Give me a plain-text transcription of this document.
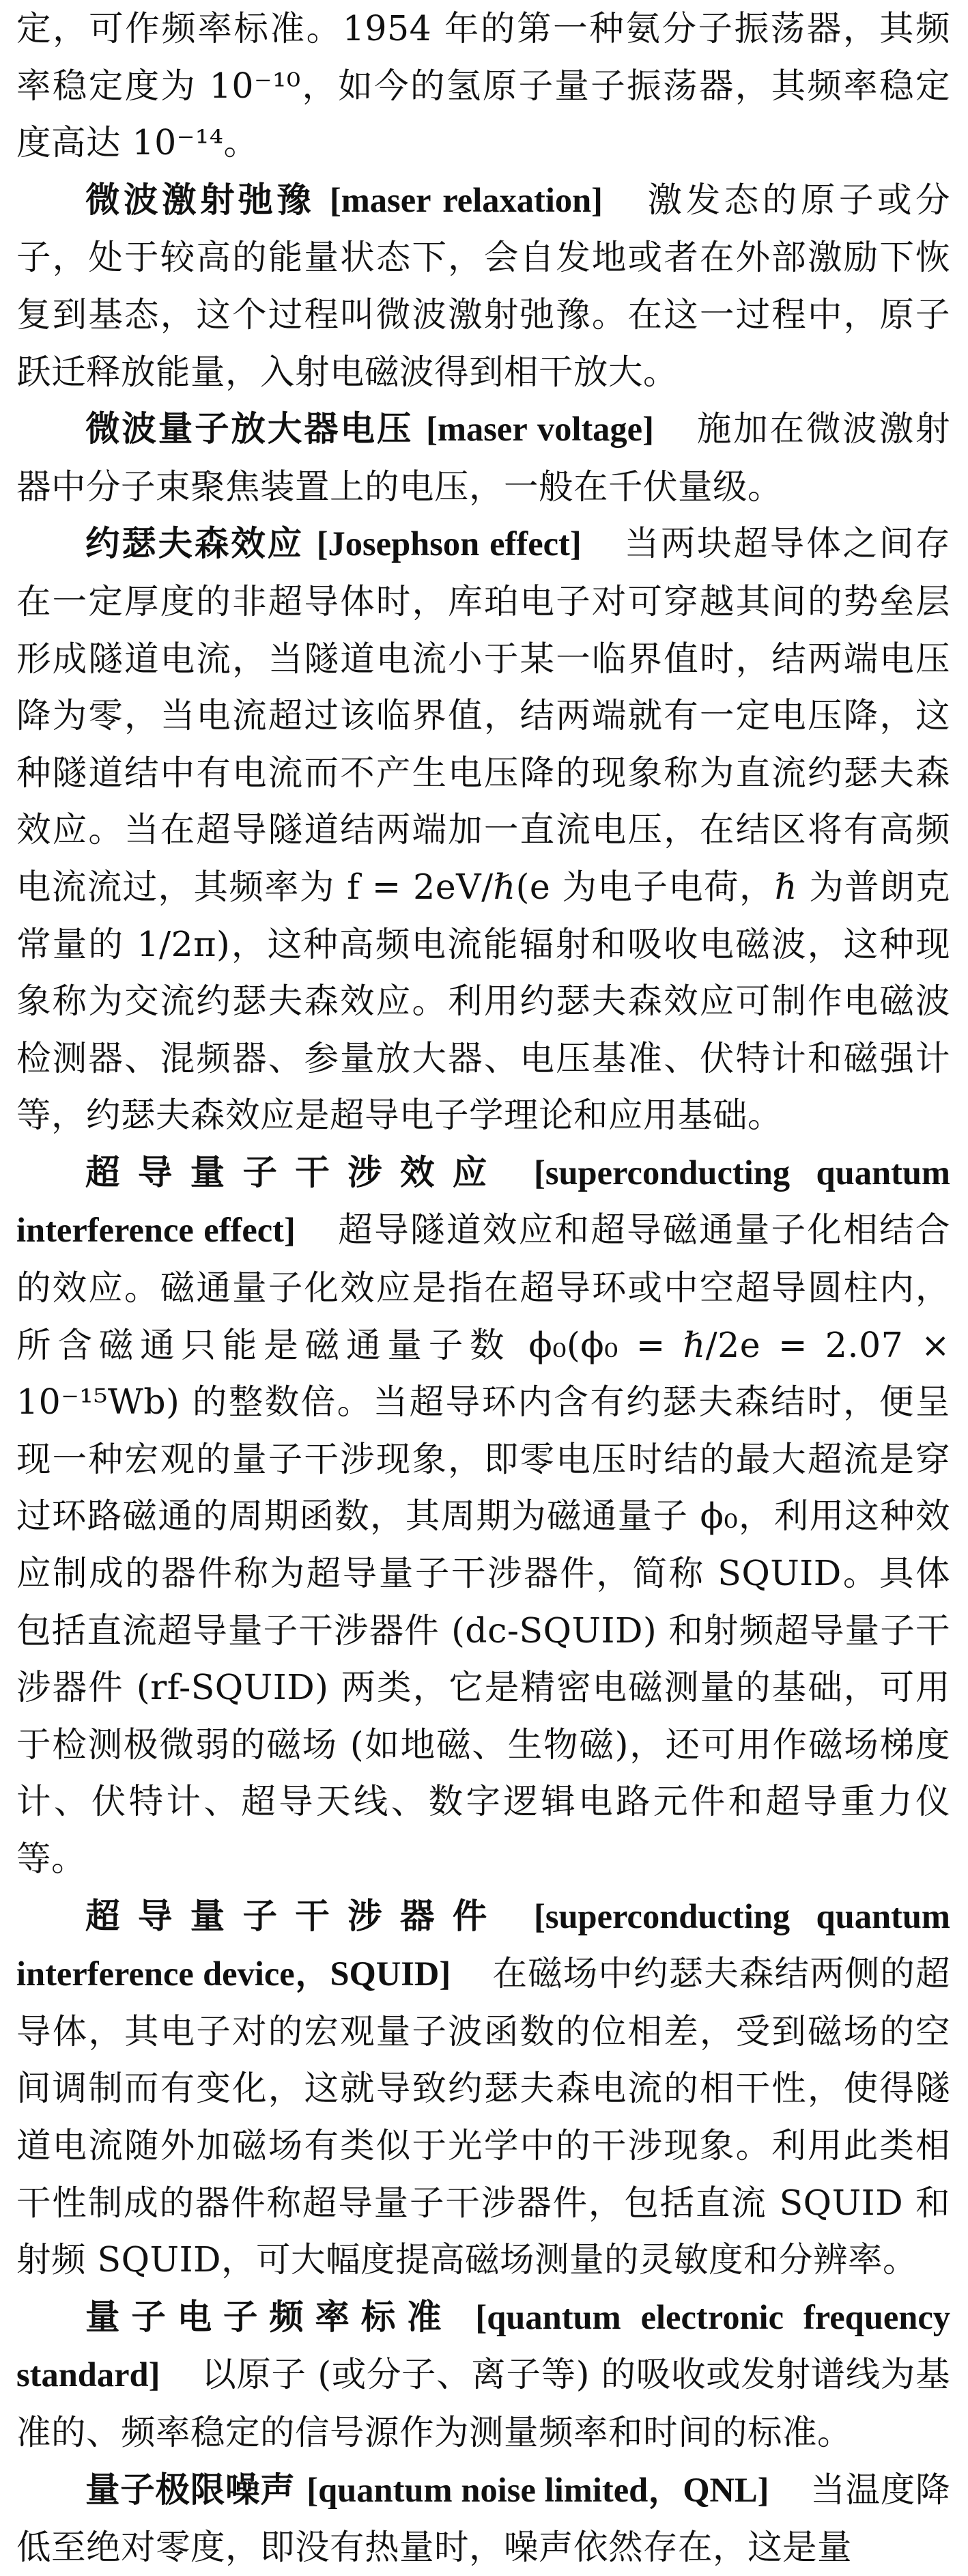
定，可作频率标准。1954 年的第一种氨分子振荡器，其频率稳定度为 10⁻¹⁰，如今的氢原子量子振荡器，其频率稳定度高达 10⁻¹⁴。

微波激射弛豫 [maser relaxation] 激发态的原子或分子，处于较高的能量状态下，会自发地或者在外部激励下恢复到基态，这个过程叫微波激射弛豫。在这一过程中，原子跃迁释放能量，入射电磁波得到相干放大。

微波量子放大器电压 [maser voltage] 施加在微波激射器中分子束聚焦装置上的电压，一般在千伏量级。

约瑟夫森效应 [Josephson effect] 当两块超导体之间存在一定厚度的非超导体时，库珀电子对可穿越其间的势垒层形成隧道电流，当隧道电流小于某一临界值时，结两端电压降为零，当电流超过该临界值，结两端就有一定电压降，这种隧道结中有电流而不产生电压降的现象称为直流约瑟夫森效应。当在超导隧道结两端加一直流电压，在结区将有高频电流流过，其频率为 f = 2eV/ℏ(e 为电子电荷，ℏ 为普朗克常量的 1/2π)，这种高频电流能辐射和吸收电磁波，这种现象称为交流约瑟夫森效应。利用约瑟夫森效应可制作电磁波检测器、混频器、参量放大器、电压基准、伏特计和磁强计等，约瑟夫森效应是超导电子学理论和应用基础。

超导量子干涉效应 [superconducting quantum interference effect] 超导隧道效应和超导磁通量子化相结合的效应。磁通量子化效应是指在超导环或中空超导圆柱内，所含磁通只能是磁通量子数 ϕ₀(ϕ₀ = ℏ/2e = 2.07 × 10⁻¹⁵Wb) 的整数倍。当超导环内含有约瑟夫森结时，便呈现一种宏观的量子干涉现象，即零电压时结的最大超流是穿过环路磁通的周期函数，其周期为磁通量子 ϕ₀，利用这种效应制成的器件称为超导量子干涉器件，简称 SQUID。具体包括直流超导量子干涉器件 (dc-SQUID) 和射频超导量子干涉器件 (rf-SQUID) 两类，它是精密电磁测量的基础，可用于检测极微弱的磁场 (如地磁、生物磁)，还可用作磁场梯度计、伏特计、超导天线、数字逻辑电路元件和超导重力仪等。

超导量子干涉器件 [superconducting quantum interference device，SQUID] 在磁场中约瑟夫森结两侧的超导体，其电子对的宏观量子波函数的位相差，受到磁场的空间调制而有变化，这就导致约瑟夫森电流的相干性，使得隧道电流随外加磁场有类似于光学中的干涉现象。利用此类相干性制成的器件称超导量子干涉器件，包括直流 SQUID 和射频 SQUID，可大幅度提高磁场测量的灵敏度和分辨率。

量子电子频率标准 [quantum electronic frequency standard] 以原子 (或分子、离子等) 的吸收或发射谱线为基准的、频率稳定的信号源作为测量频率和时间的标准。

量子极限噪声 [quantum noise limited，QNL] 当温度降低至绝对零度，即没有热量时，噪声依然存在，这是量
